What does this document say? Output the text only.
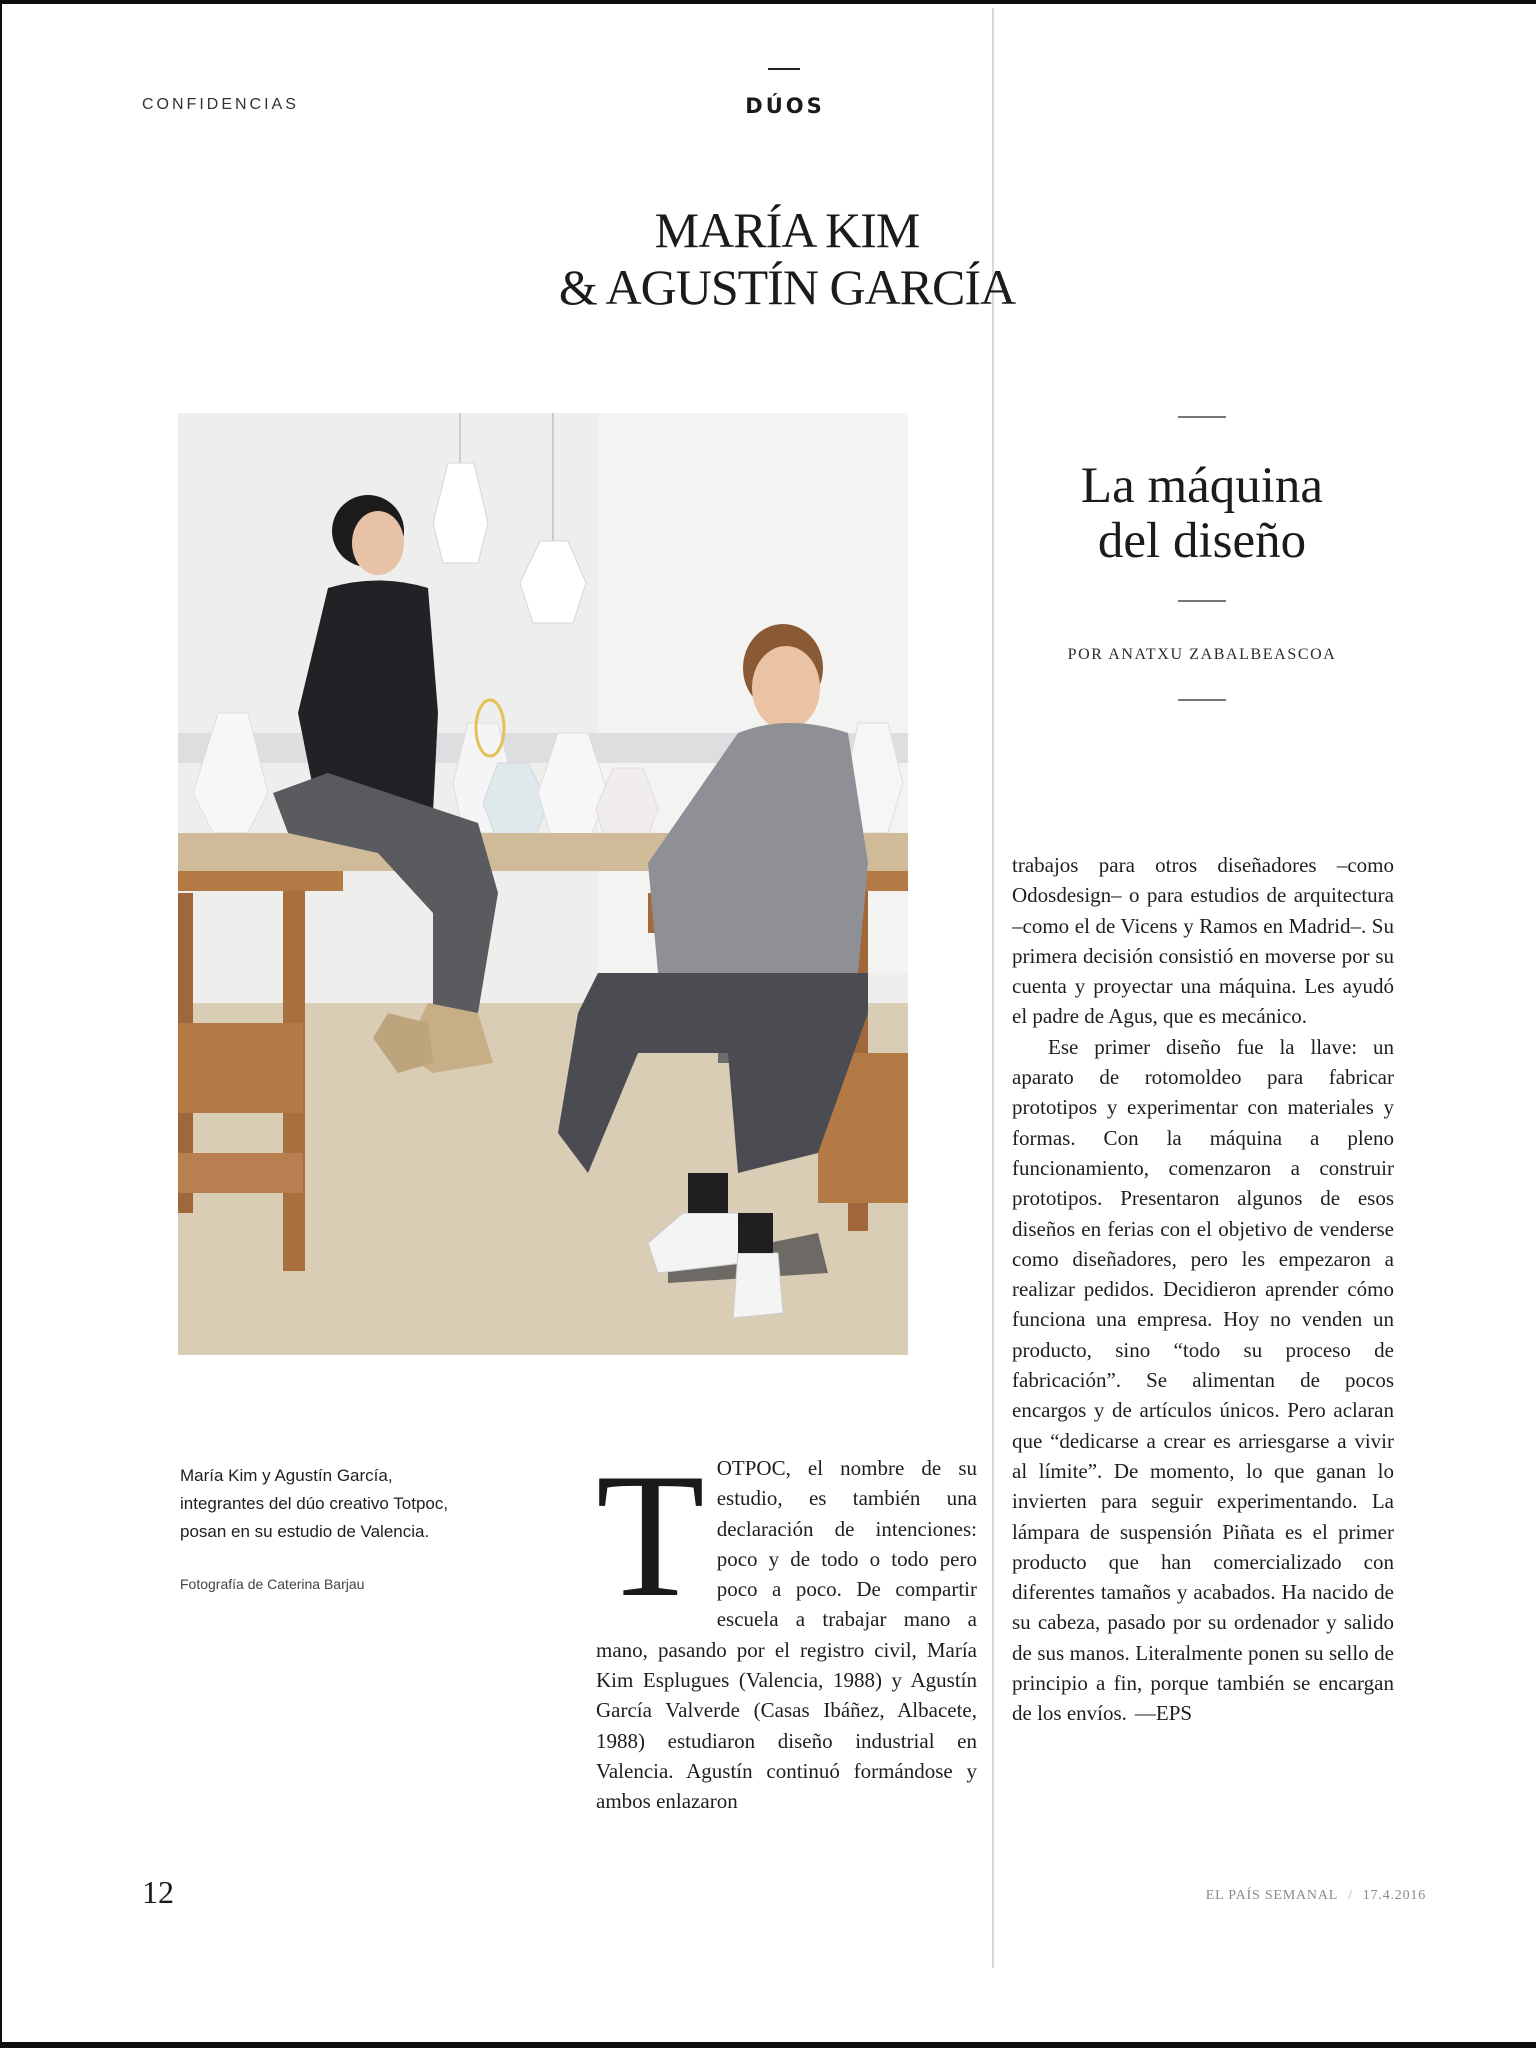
CONFIDENCIAS	DÚOS
MARÍA KIM
& AGUSTÍN GARCÍA
La máquina
del diseño
POR ANATXU ZABALBEASCOA
María Kim y Agustín García, integrantes del dúo creativo Totpoc, posan en su estudio de Valencia.
Fotografía de Caterina Barjau	T OTPOC, el nombre de su estudio, es también una declaración de intenciones: poco y de todo o todo pero poco a poco. De compartir escuela a trabajar mano a mano, pasando por el registro civil, María Kim Esplugues (Valencia, 1988) y Agustín García Valverde (Casas Ibáñez, Albacete, 1988) estudiaron diseño industrial en Valencia. Agustín continuó formándose y ambos enlazaron

trabajos para otros diseñadores –como Odosdesign– o para estudios de arquitectura –como el de Vicens y Ramos en Madrid–. Su primera decisión consistió en moverse por su cuenta y proyectar una máquina. Les ayudó el padre de Agus, que es mecánico.

Ese primer diseño fue la llave: un aparato de rotomoldeo para fabricar prototipos y experimentar con materiales y formas. Con la máquina a pleno funcionamiento, comenzaron a construir prototipos. Presentaron algunos de esos diseños en ferias con el objetivo de venderse como diseñadores, pero les empezaron a realizar pedidos. Decidieron aprender cómo funciona una empresa. Hoy no venden un producto, sino “todo su proceso de fabricación”. Se alimentan de pocos encargos y de artículos únicos. Pero aclaran que “dedicarse a crear es arriesgarse a vivir al límite”. De momento, lo que ganan lo invierten para seguir experimentando. La lámpara de suspensión Piñata es el primer producto que han comercializado con diferentes tamaños y acabados. Ha nacido de su cabeza, pasado por su ordenador y salido de sus manos. Literalmente ponen su sello de principio a fin, porque también se encargan de los envíos. —EPS

12	EL PAÍS SEMANAL / 17.4.2016
